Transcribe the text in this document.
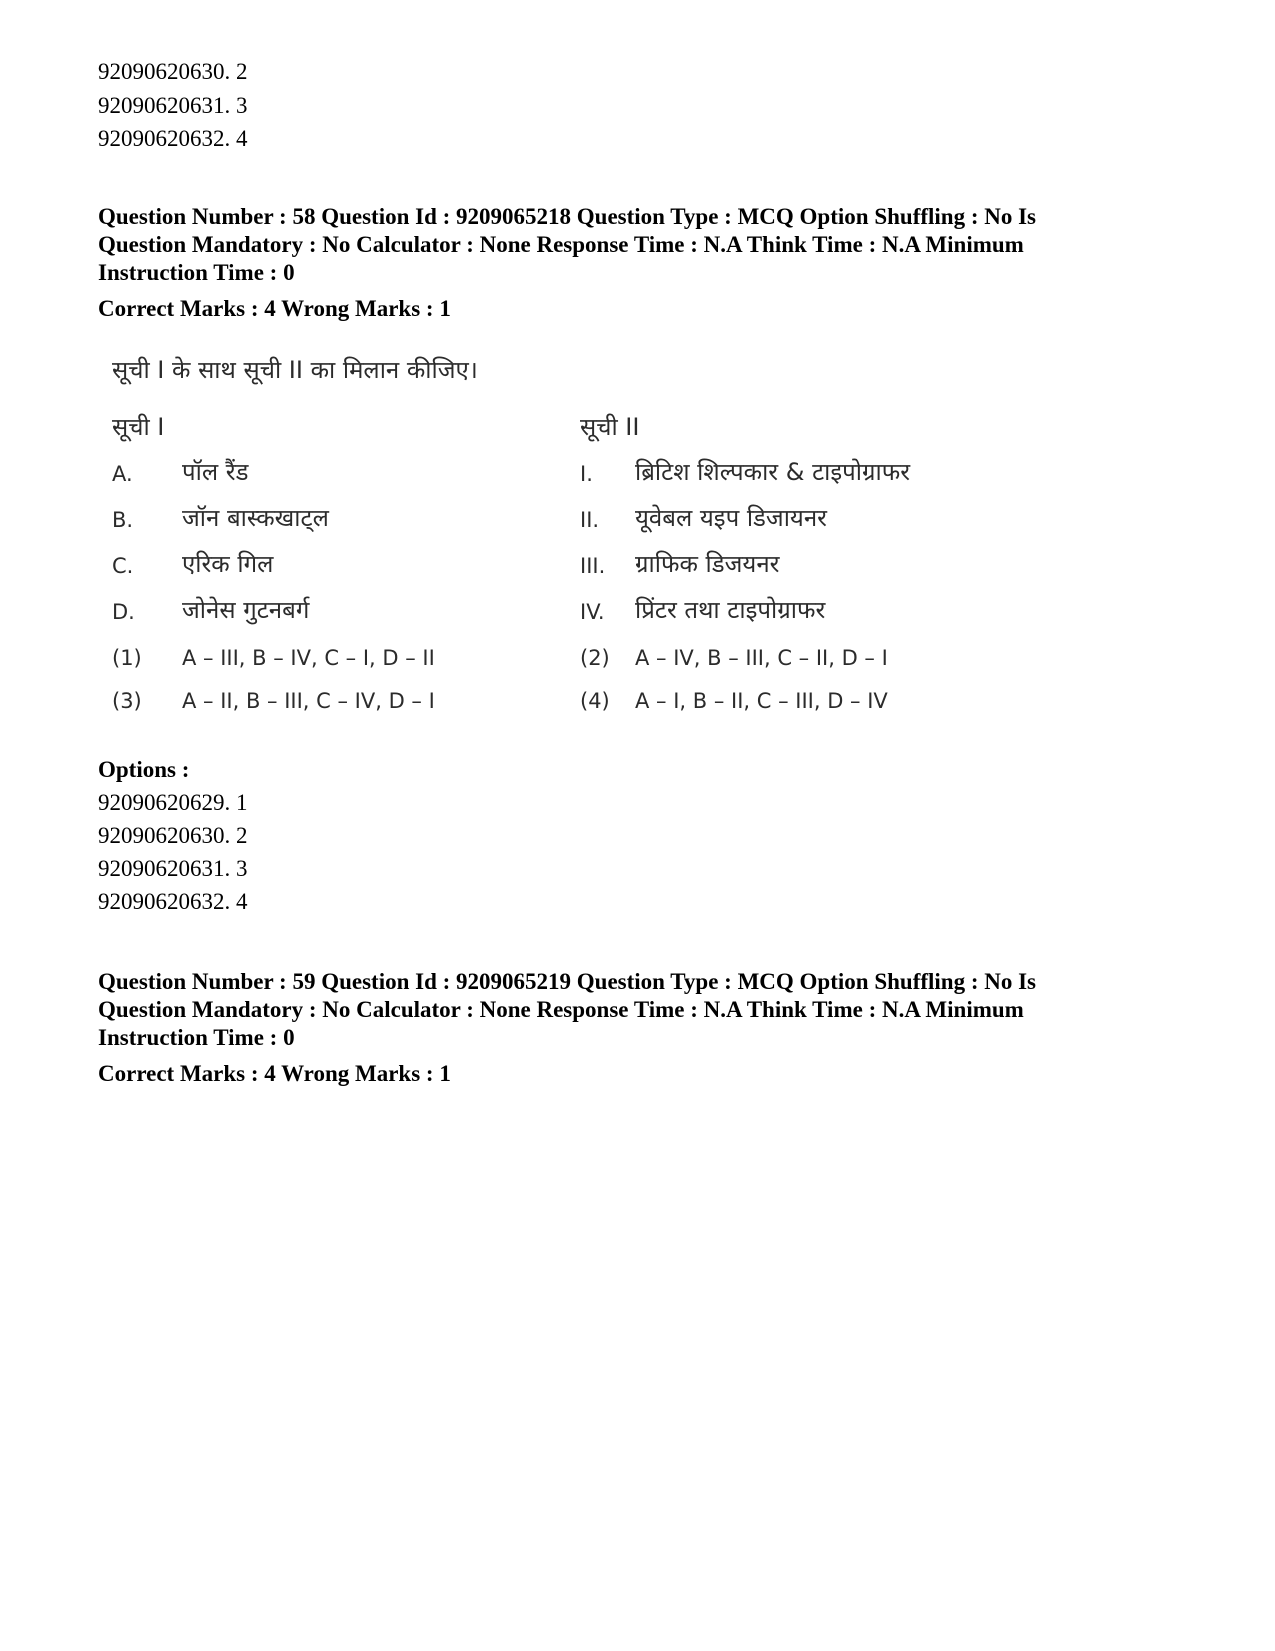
92090620630. 2
92090620631. 3
92090620632. 4
Question Number : 58 Question Id : 9209065218 Question Type : MCQ Option Shuffling : No Is
Question Mandatory : No Calculator : None Response Time : N.A Think Time : N.A Minimum
Instruction Time : 0
Correct Marks : 4 Wrong Marks : 1
सूची I के साथ सूची II का मिलान कीजिए।
सूची I	सूची II
A. पॉल रैंड	I. ब्रिटिश शिल्पकार & टाइपोग्राफर
B. जॉन बास्कखाट्ल	II. यूवेबल यइप डिजायनर
C. एरिक गिल	III. ग्राफिक डिजयनर
D. जोनेस गुटनबर्ग	IV. प्रिंटर तथा टाइपोग्राफर
(1) A – III, B – IV, C – I, D – II	(2) A – IV, B – III, C – II, D – I
(3) A – II, B – III, C – IV, D – I	(4) A – I, B – II, C – III, D – IV
Options :
92090620629. 1
92090620630. 2
92090620631. 3
92090620632. 4
Question Number : 59 Question Id : 9209065219 Question Type : MCQ Option Shuffling : No Is
Question Mandatory : No Calculator : None Response Time : N.A Think Time : N.A Minimum
Instruction Time : 0
Correct Marks : 4 Wrong Marks : 1
